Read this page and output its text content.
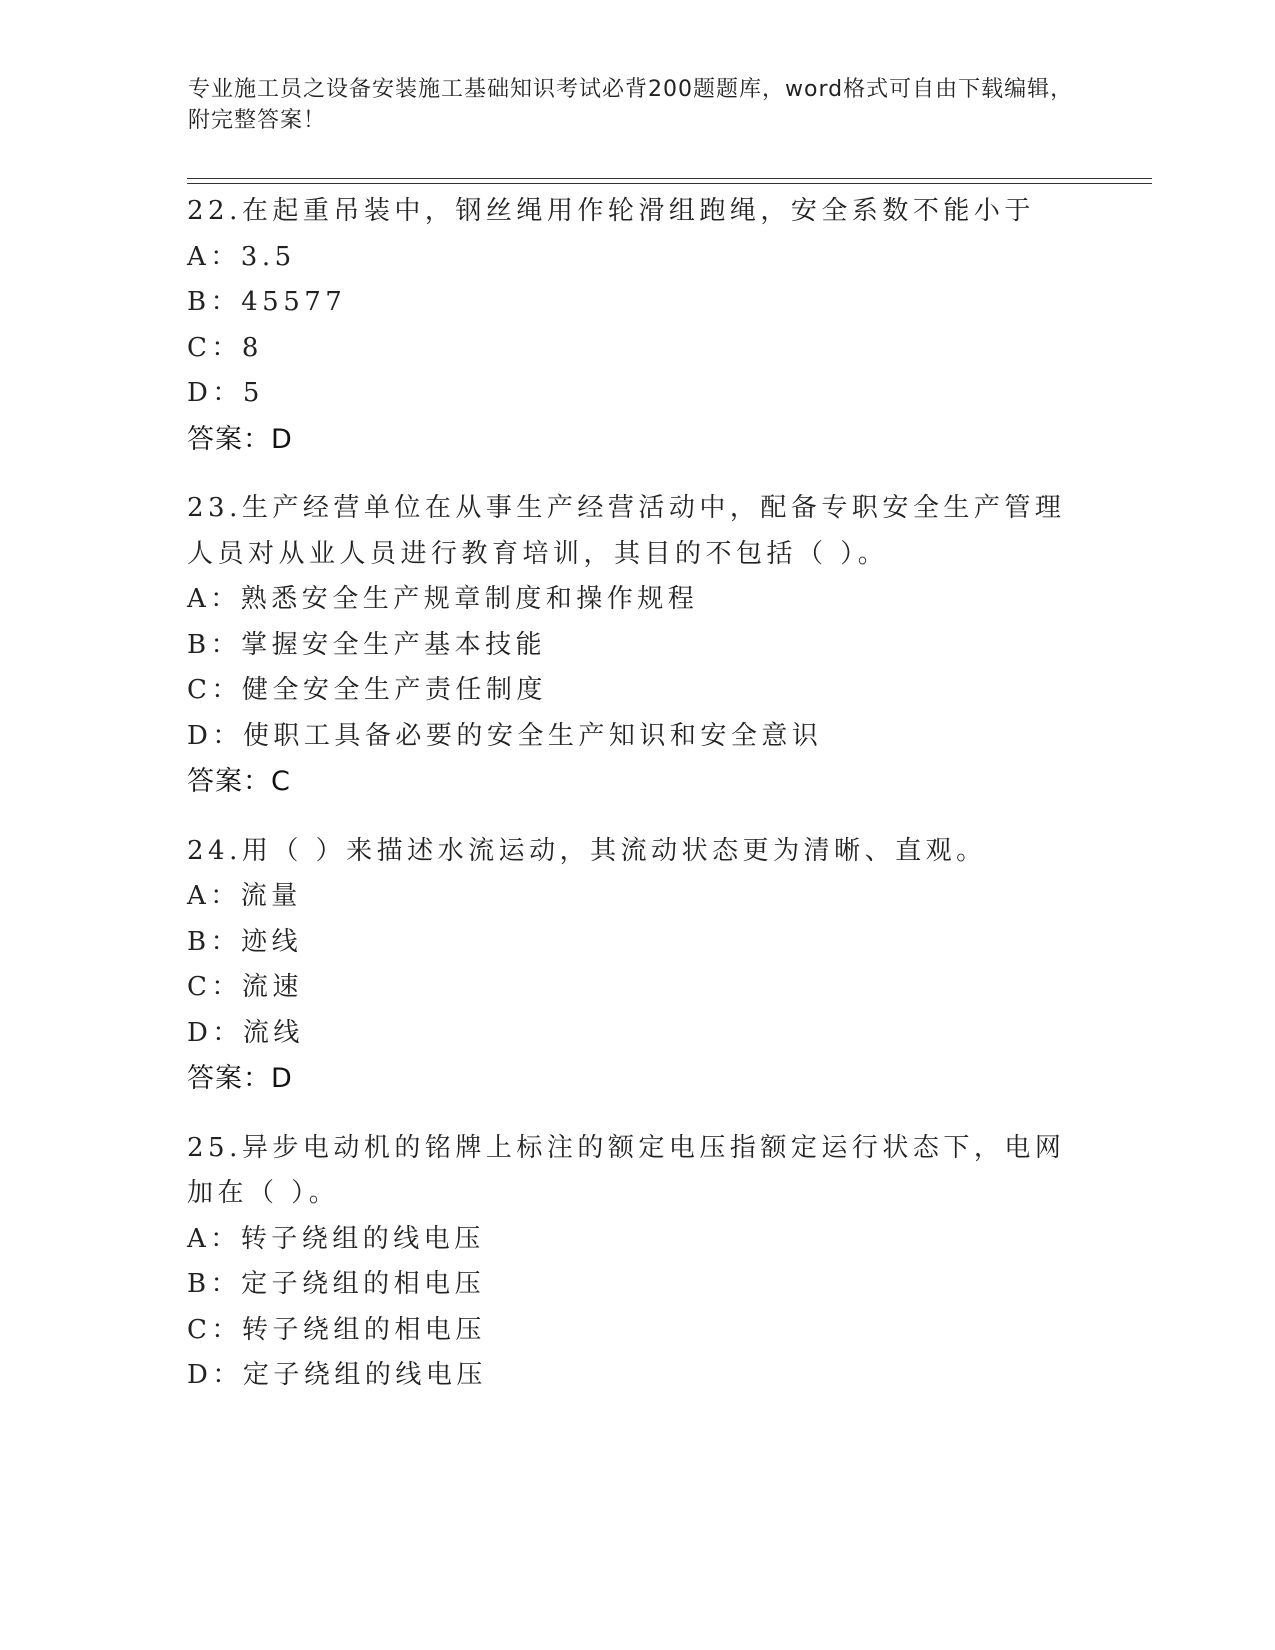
专业施工员之设备安装施工基础知识考试必背200题题库，word格式可自由下载编辑，附完整答案！
22.在起重吊装中，钢丝绳用作轮滑组跑绳，安全系数不能小于
A：3.5
B：45577
C：8
D：5
答案：D
23.生产经营单位在从事生产经营活动中，配备专职安全生产管理人员对从业人员进行教育培训，其目的不包括（ ）。
A：熟悉安全生产规章制度和操作规程
B：掌握安全生产基本技能
C：健全安全生产责任制度
D：使职工具备必要的安全生产知识和安全意识
答案：C
24.用（ ）来描述水流运动，其流动状态更为清晰、直观。
A：流量
B：迹线
C：流速
D：流线
答案：D
25.异步电动机的铭牌上标注的额定电压指额定运行状态下，电网加在（ ）。
A：转子绕组的线电压
B：定子绕组的相电压
C：转子绕组的相电压
D：定子绕组的线电压
